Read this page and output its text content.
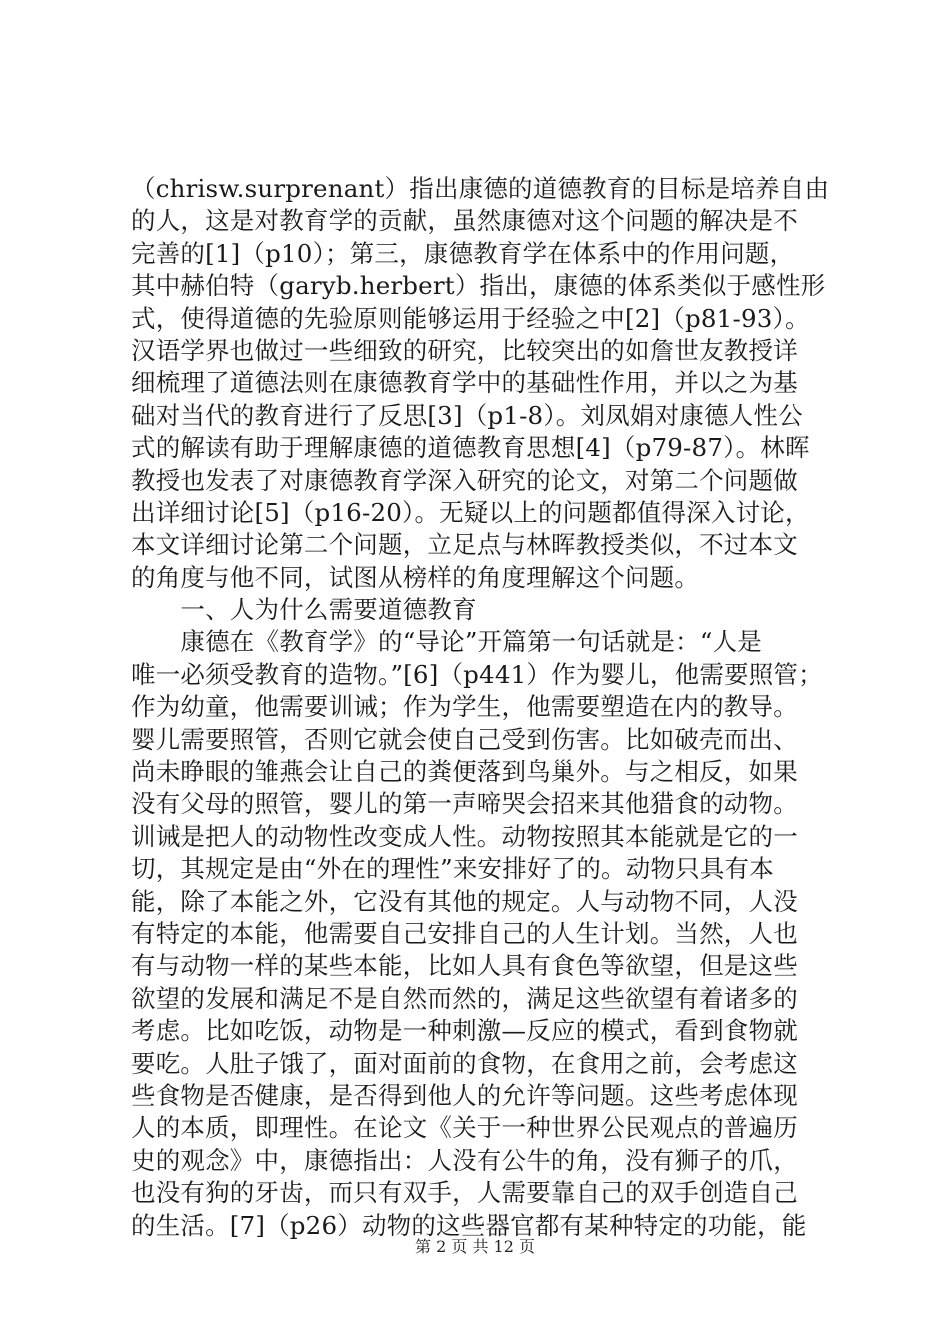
（chrisw.surprenant）指出康德的道德教育的目标是培养自由
的人，这是对教育学的贡献，虽然康德对这个问题的解决是不
完善的[1]（p10）；第三，康德教育学在体系中的作用问题，
其中赫伯特（garyb.herbert）指出，康德的体系类似于感性形
式，使得道德的先验原则能够运用于经验之中[2]（p81-93）。
汉语学界也做过一些细致的研究，比较突出的如詹世友教授详
细梳理了道德法则在康德教育学中的基础性作用，并以之为基
础对当代的教育进行了反思[3]（p1-8）。刘凤娟对康德人性公
式的解读有助于理解康德的道德教育思想[4]（p79-87）。林晖
教授也发表了对康德教育学深入研究的论文，对第二个问题做
出详细讨论[5]（p16-20）。无疑以上的问题都值得深入讨论，
本文详细讨论第二个问题，立足点与林晖教授类似，不过本文
的角度与他不同，试图从榜样的角度理解这个问题。
　　一、人为什么需要道德教育
　　康德在《教育学》的“导论”开篇第一句话就是：“人是
唯一必须受教育的造物。”[6]（p441）作为婴儿，他需要照管；
作为幼童，他需要训诫；作为学生，他需要塑造在内的教导。
婴儿需要照管，否则它就会使自己受到伤害。比如破壳而出、
尚未睁眼的雏燕会让自己的粪便落到鸟巢外。与之相反，如果
没有父母的照管，婴儿的第一声啼哭会招来其他猎食的动物。
训诫是把人的动物性改变成人性。动物按照其本能就是它的一
切，其规定是由“外在的理性”来安排好了的。动物只具有本
能，除了本能之外，它没有其他的规定。人与动物不同，人没
有特定的本能，他需要自己安排自己的人生计划。当然，人也
有与动物一样的某些本能，比如人具有食色等欲望，但是这些
欲望的发展和满足不是自然而然的，满足这些欲望有着诸多的
考虑。比如吃饭，动物是一种刺激—反应的模式，看到食物就
要吃。人肚子饿了，面对面前的食物，在食用之前，会考虑这
些食物是否健康，是否得到他人的允许等问题。这些考虑体现
人的本质，即理性。在论文《关于一种世界公民观点的普遍历
史的观念》中，康德指出：人没有公牛的角，没有狮子的爪，
也没有狗的牙齿，而只有双手，人需要靠自己的双手创造自己
的生活。[7]（p26）动物的这些器官都有某种特定的功能，能
第 2 页 共 12 页
